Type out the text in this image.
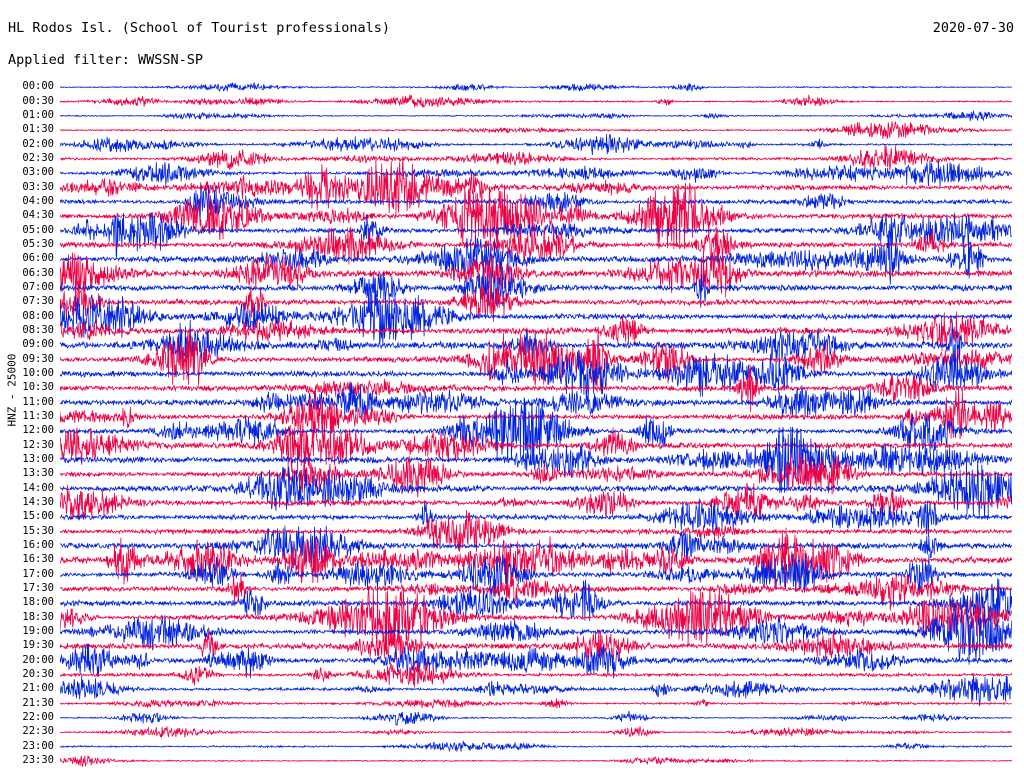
HL Rodos Isl. (School of Tourist professionals)	2020-07-30
Applied filter: WWSSN-SP
HNZ - 25000
00:00
00:30
01:00
01:30
02:00
02:30
03:00
03:30
04:00
04:30
05:00
05:30
06:00
06:30
07:00
07:30
08:00
08:30
09:00
09:30
10:00
10:30
11:00
11:30
12:00
12:30
13:00
13:30
14:00
14:30
15:00
15:30
16:00
16:30
17:00
17:30
18:00
18:30
19:00
19:30
20:00
20:30
21:00
21:30
22:00
22:30
23:00
23:30
